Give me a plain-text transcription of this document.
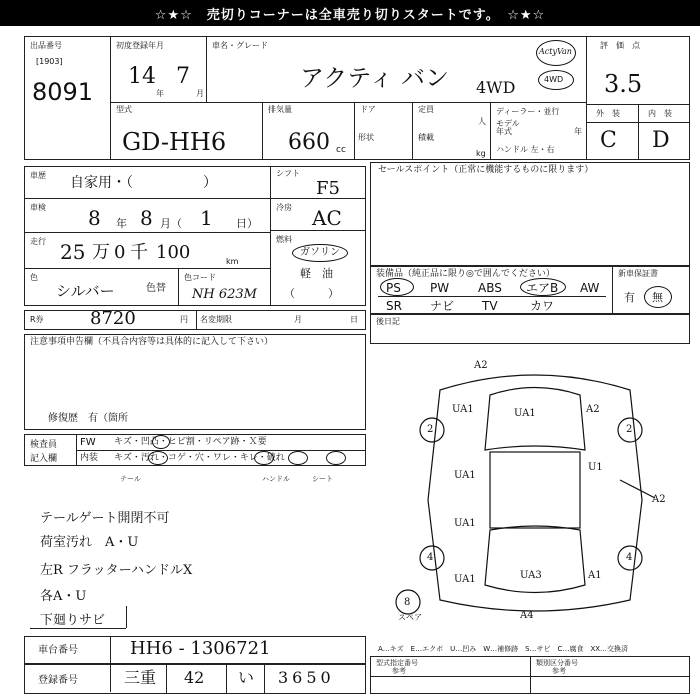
☆★☆　売切りコーナーは全車売り切りスタートです。　☆★☆
出品番号
[1903]
8091
初度登録年月
14
年
7
月
車名・グレード
アクティ バン 4WD
ActyVan
4WD
評　価　点
3.5
外　装	内　装
C D
型式
GD-HH6
排気量
660 cc
ドア
形状
定員
人
積載
kg
ディーラー・並行
モデル
年式	年
ハンドル 左・右
車歴 自家用・（　　　　　）
車検 8 年 8 月（ 1 日）
走行 25 万 0 千 100	km
色
シルバー	色替
色コード
NH 623M
シフト
F5
冷房 AC
燃料
ガソリン
軽　油
（　　　）
R券	8720	円 名変期限	月	日
セールスポイント（正常に機能するものに限ります）
装備品（純正品に限り◎で囲んでください）	新車保証書
有 無
PS PW ABS エアB AW
SR ナビ TV	カワ
後日記
注意事項申告欄（不具合内容等は具体的に記入して下さい）
修復歴　有（箇所
検査員
記入欄
FW キズ・凹凸・ヒビ割・リペア跡・Ｘ要
内装 キズ・汚れ・コゲ・穴・ワレ・キレ・破れ
テール	ハンドル	シート
テールゲート開閉不可
荷室汚れ　A・U
左R フラッターハンドルX
各A・U
下廻りサビ
車台番号	HH6 - 1306721
登録番号	三重 42 い 3650
A2
UA1	UA1	A2
2	2
UA1
U1
A2
UA1
4	4
UA1	UA3	A1
A4
8
スペア
A…キズ　E…エクボ　U…凹み　W…補修跡　S…サビ　C…腐食　XX…交換済
型式指定番号
参考
類別区分番号
参考
